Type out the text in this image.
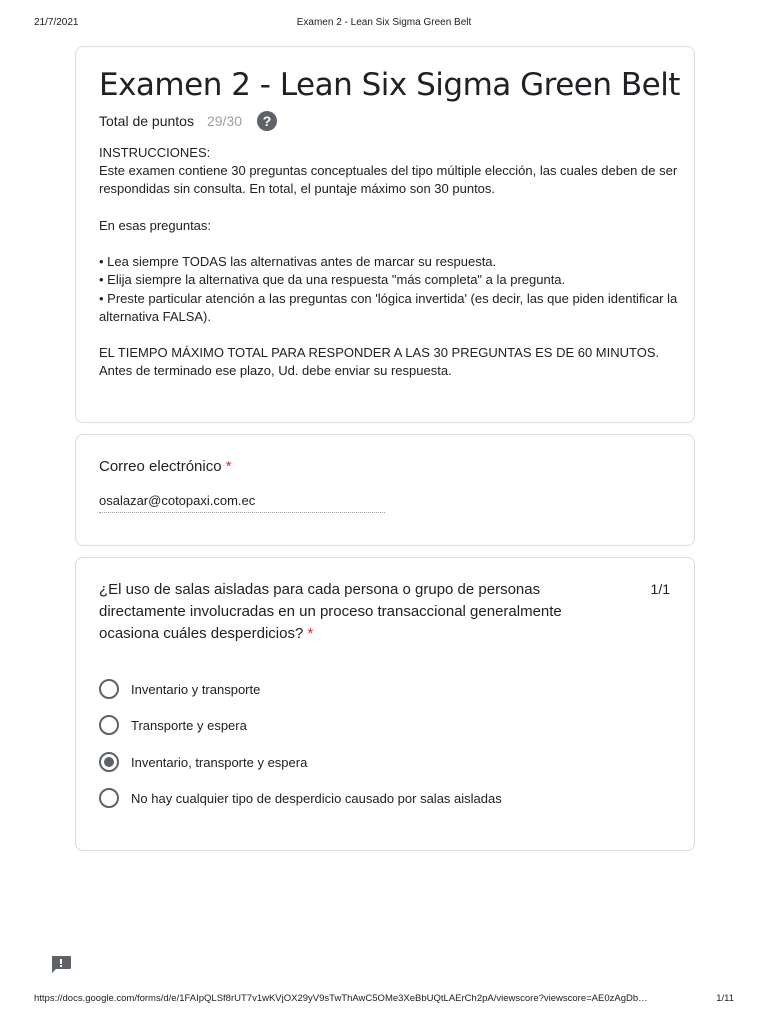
21/7/2021	Examen 2 - Lean Six Sigma Green Belt
Examen 2 - Lean Six Sigma Green Belt
Total de puntos 29/30	?

INSTRUCCIONES:

Este examen contiene 30 preguntas conceptuales del tipo múltiple elección, las cuales deben de ser respondidas sin consulta. En total, el puntaje máximo son 30 puntos.

En esas preguntas:

• Lea siempre TODAS las alternativas antes de marcar su respuesta.

• Elija siempre la alternativa que da una respuesta "más completa" a la pregunta.

• Preste particular atención a las preguntas con 'lógica invertida' (es decir, las que piden identificar la alternativa FALSA).

EL TIEMPO MÁXIMO TOTAL PARA RESPONDER A LAS 30 PREGUNTAS ES DE 60 MINUTOS.

Antes de terminado ese plazo, Ud. debe enviar su respuesta.

Correo electrónico *
osalazar@cotopaxi.com.ec
¿El uso de salas aisladas para cada persona o grupo de personas directamente involucradas en un proceso transaccional generalmente ocasiona cuáles desperdicios? *
1/1
Inventario y transporte
Transporte y espera
Inventario, transporte y espera
No hay cualquier tipo de desperdicio causado por salas aisladas
https://docs.google.com/forms/d/e/1FAIpQLSf8rUT7v1wKVjOX29yV9sTwThAwC5OMe3XeBbUQtLAErCh2pA/viewscore?viewscore=AE0zAgDb…	1/11
